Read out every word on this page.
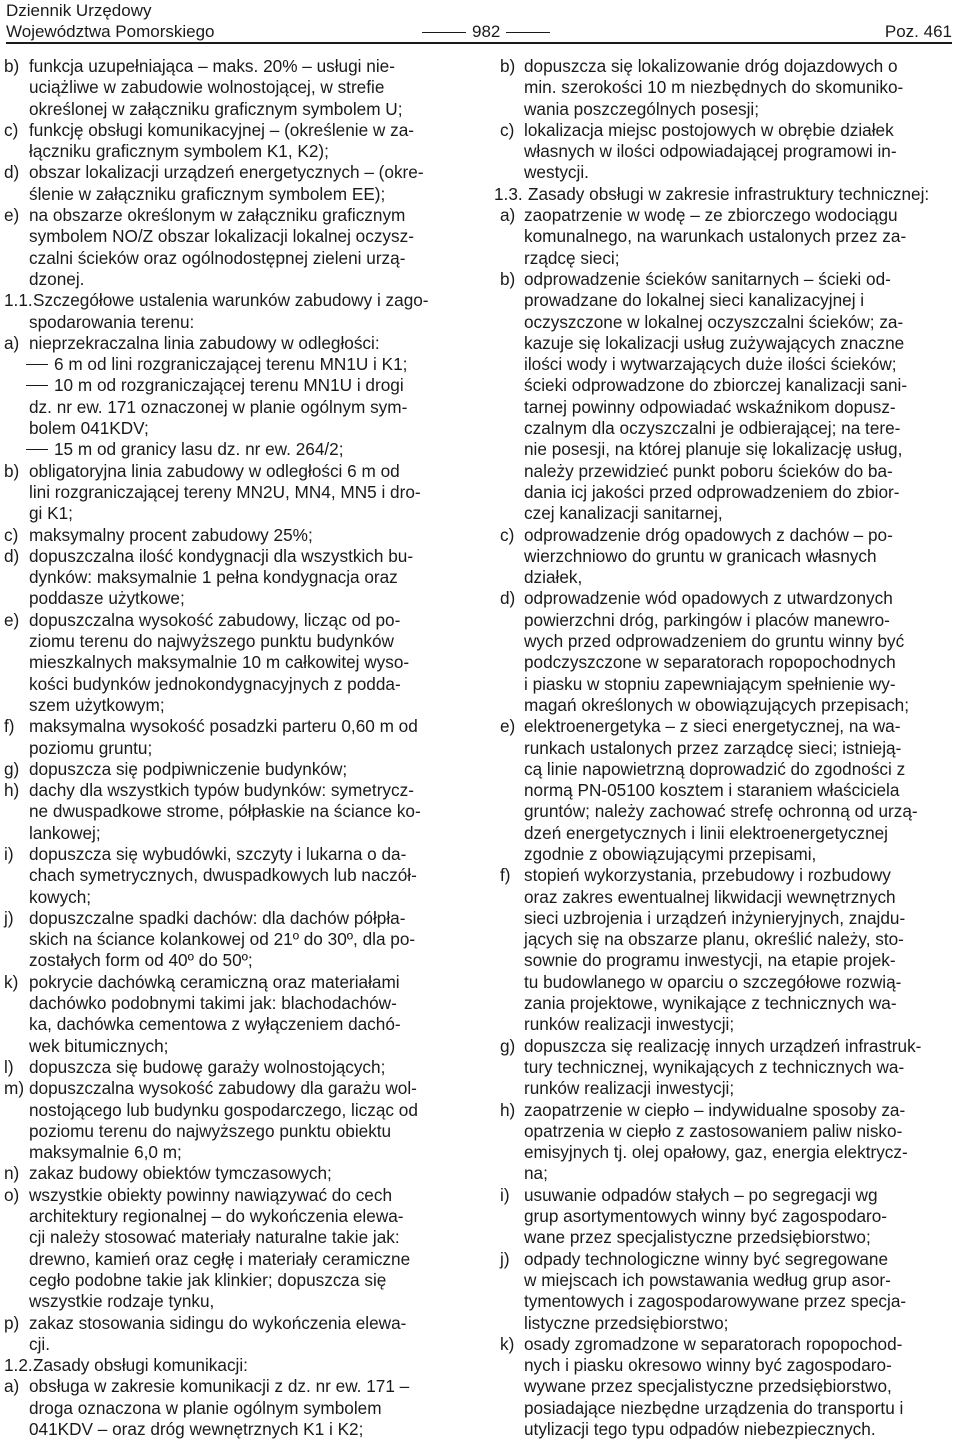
Dziennik Urzędowy
Województwa Pomorskiego	982	Poz. 461
b) funkcja uzupełniająca – maks. 20% – usługi nie-
uciążliwe w zabudowie wolnostojącej, w strefie
określonej w załączniku graficznym symbolem U;
c) funkcję obsługi komunikacyjnej – (określenie w za-
łączniku graficznym symbolem K1, K2);
d) obszar lokalizacji urządzeń energetycznych – (okre-
ślenie w załączniku graficznym symbolem EE);
e) na obszarze określonym w załączniku graficznym
symbolem NO/Z obszar lokalizacji lokalnej oczysz-
czalni ścieków oraz ogólnodostępnej zieleni urzą-
dzonej.
1.1. Szczegółowe ustalenia warunków zabudowy i zago-
spodarowania terenu:
a) nieprzekraczalna linia zabudowy w odległości:
6 m od lini rozgraniczającej terenu MN1U i K1;
10 m od rozgraniczającej terenu MN1U i drogi
dz. nr ew. 171 oznaczonej w planie ogólnym sym-
bolem 041KDV;
15 m od granicy lasu dz. nr ew. 264/2;
b) obligatoryjna linia zabudowy w odległości 6 m od
lini rozgraniczającej tereny MN2U, MN4, MN5 i dro-
gi K1;
c) maksymalny procent zabudowy 25%;
d) dopuszczalna ilość kondygnacji dla wszystkich bu-
dynków: maksymalnie 1 pełna kondygnacja oraz
poddasze użytkowe;
e) dopuszczalna wysokość zabudowy, licząc od po-
ziomu terenu do najwyższego punktu budynków
mieszkalnych maksymalnie 10 m całkowitej wyso-
kości budynków jednokondygnacyjnych z poddа-
szem użytkowym;
f) maksymalna wysokość posadzki parteru 0,60 m od
poziomu gruntu;
g) dopuszcza się podpiwniczenie budynków;
h) dachy dla wszystkich typów budynków: symetrycz-
ne dwuspadkowe strome, półpłaskie na ścianсe ko-
lankowej;
i) dopuszcza się wybudówki, szczyty i lukarna o da-
chach symetrycznych, dwuspadkowych lub naczół-
kowych;
j) dopuszczalne spadki dachów: dla dachów półpła-
skich na ściance kolankowej od 21º do 30º, dla po-
zostałych form od 40º do 50º;
k) pokrycie dachówką ceramiczną oraz materiałami
dachówko podobnymi takimi jak: blachodachów-
ka, dachówka cementowa z wyłączeniem dachó-
wek bitumicznych;
l) dopuszcza się budowę garaży wolnostojących;
m) dopuszczalna wysokość zabudowy dla garażu wol-
nostojącego lub budynku gospodarczego, licząc od
poziomu terenu do najwyższego punktu obiektu
maksymalnie 6,0 m;
n) zakaz budowy obiektów tymczasowych;
o) wszystkie obiekty powinny nawiązywać do cech
architektury regionalnej – do wykończenia elewa-
cji należy stosować materiały naturalne takie jak:
drewno, kamień oraz cegłę i materiały ceramiczne
cegło podobne takie jak klinkier; dopuszcza się
wszystkie rodzaje tynku,
p) zakaz stosowania sidingu do wykończenia elewa-
cji.
1.2. Zasady obsługi komunikacji:
a) obsługa w zakresie komunikacji z dz. nr ew. 171 –
droga oznaczona w planie ogólnym symbolem
041KDV – oraz dróg wewnętrznych K1 i K2;
b) dopuszcza się lokalizowanie dróg dojazdowych o
min. szerokości 10 m niezbędnych do skomuniko-
wania poszczególnych posesji;
c) lokalizacja miejsc postojowych w obrębie działek
własnych w ilości odpowiadającej programowi in-
westycji.
1.3. Zasady obsługi w zakresie infrastruktury technicznej:
a) zaopatrzenie w wodę – ze zbiorczego wodociągu
komunalnego, na warunkach ustalonych przez za-
rządcę sieci;
b) odprowadzenie ścieków sanitarnych – ścieki od-
prowadzane do lokalnej sieci kanalizacyjnej i
oczyszczone w lokalnej oczyszczalni ścieków; za-
kazuje się lokalizacji usług zużywających znaczne
ilości wody i wytwarzających duże ilości ścieków;
ścieki odprowadzone do zbiorczej kanalizacji sani-
tarnej powinny odpowiadać wskaźnikom dopusz-
czalnym dla oczyszczalni je odbierającej; na tere-
nie posesji, na której planuje się lokalizację usług,
należy przewidzieć punkt poboru ścieków do ba-
dania icj jakości przed odprowadzeniem do zbior-
czej kanalizacji sanitarnej,
c) odprowadzenie dróg opadowych z dachów – po-
wierzchniowo do gruntu w granicach własnych
działek,
d) odprowadzenie wód opadowych z utwardzonych
powierzchni dróg, parkingów i placów manewro-
wych przed odprowadzeniem do gruntu winny być
podczyszczone w separatorach ropopochodnych
i piasku w stopniu zapewniającym spełnienie wy-
magań określonych w obowiązujących przepisach;
e) elektroenergetyka – z sieci energetycznej, na wa-
runkach ustalonych przez zarządcę sieci; istnieją-
cą linie napowietrzną doprowadzić do zgodności z
normą PN-05100 kosztem i staraniem właściciela
gruntów; należy zachować strefę ochronną od urzą-
dzeń energetycznych i linii elektroenergetycznej
zgodnie z obowiązującymi przepisami,
f) stopień wykorzystania, przebudowy i rozbudowy
oraz zakres ewentualnej likwidacji wewnętrznych
sieci uzbrojenia i urządzeń inżynieryjnych, znajdu-
jących się na obszarze planu, określić należy, sto-
sownie do programu inwestycji, na etapie projek-
tu budowlanego w oparciu o szczegółowe rozwią-
zania projektowe, wynikające z technicznych wa-
runków realizacji inwestycji;
g) dopuszcza się realizację innych urządzeń infrastruk-
tury technicznej, wynikających z technicznych wa-
runków realizacji inwestycji;
h) zaopatrzenie w ciepło – indywidualne sposoby za-
opatrzenia w ciepło z zastosowaniem paliw nisko-
emisyjnych tj. olej opałowy, gaz, energia elektrycz-
na;
i) usuwanie odpadów stałych – po segregacji wg
grup asortymentowych winny być zagospodaro-
wane przez specjalistyczne przedsiębiorstwo;
j) odpady technologiczne winny być segregowane
w miejscach ich powstawania według grup asor-
tymentowych i zagospodarowywane przez specja-
listyczne przedsiębiorstwo;
k) osady zgromadzone w separatorach ropopochod-
nych i piasku okresowo winny być zagospodaro-
wywane przez specjalistyczne przedsiębiorstwo,
posiadające niezbędne urządzenia do transportu i
utylizacji tego typu odpadów niebezpiecznych.
